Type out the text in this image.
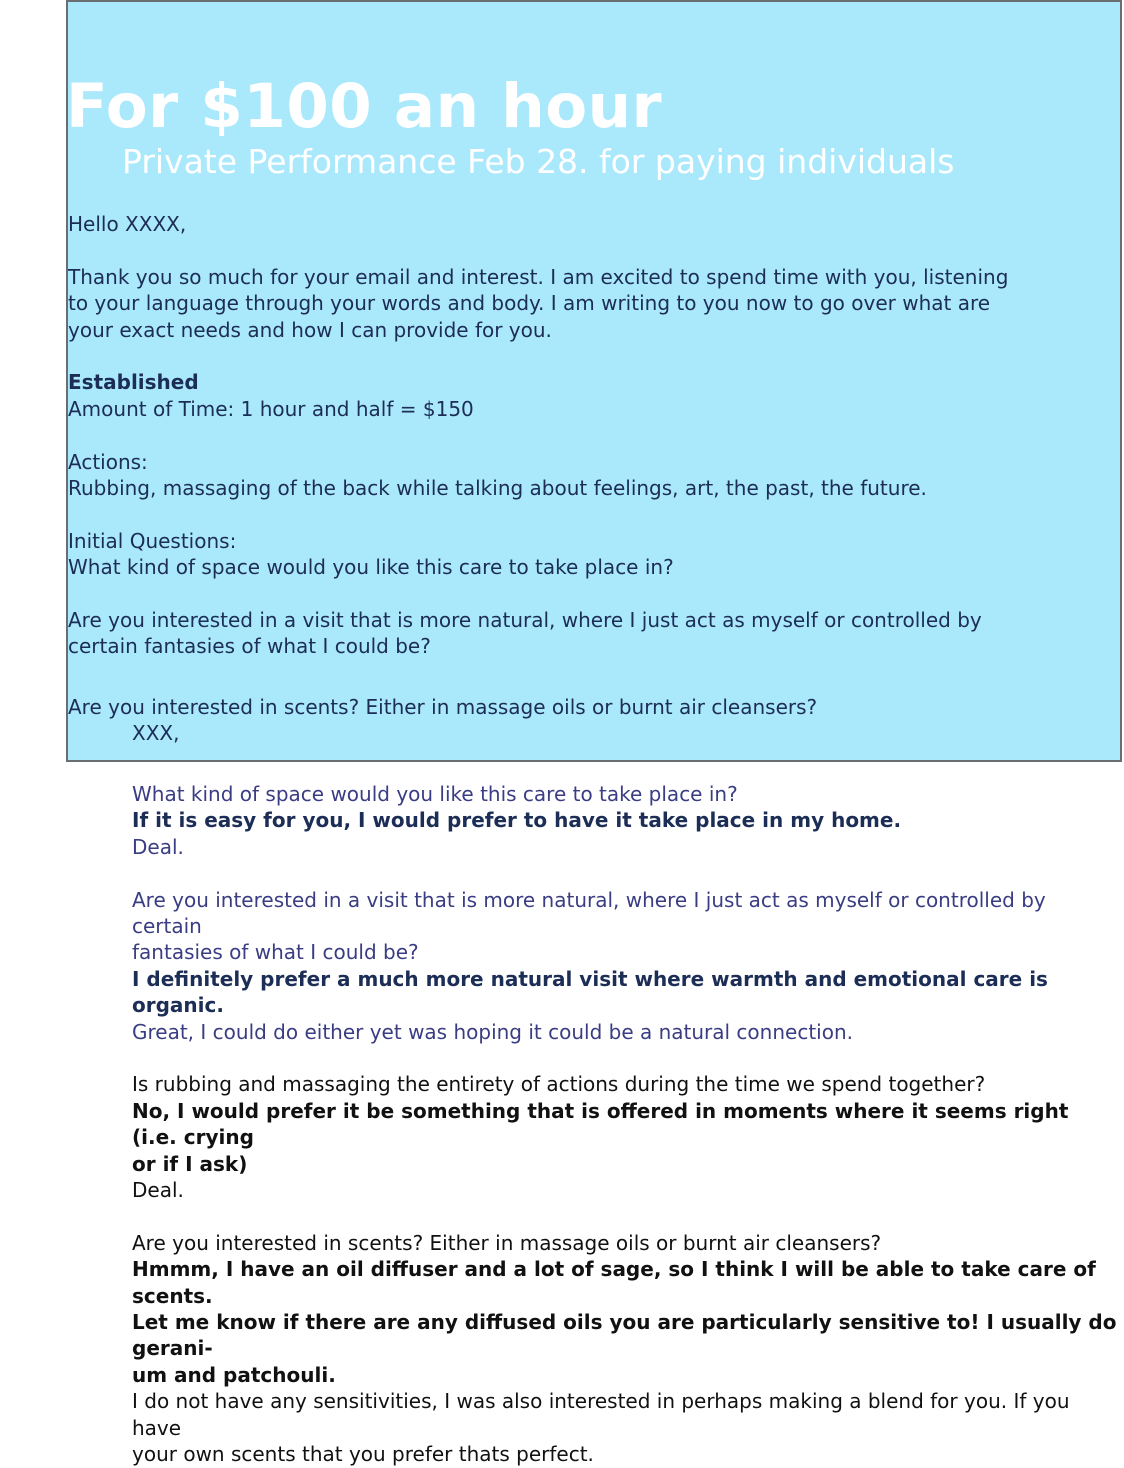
For $100 an hour
Private Performance Feb 28. for paying individuals

Hello XXXX,

Thank you so much for your email and interest. I am excited to spend time with you, listening

to your language through your words and body. I am writing to you now to go over what are

your exact needs and how I can provide for you.

Established

Amount of Time: 1 hour and half = $150

Actions:

Rubbing, massaging of the back while talking about feelings, art, the past, the future.

Initial Questions:

What kind of space would you like this care to take place in?

Are you interested in a visit that is more natural, where I just act as myself or controlled by

certain fantasies of what I could be?

Are you interested in scents? Either in massage oils or burnt air cleansers?

XXX,

What kind of space would you like this care to take place in?

If it is easy for you, I would prefer to have it take place in my home.

Deal.

Are you interested in a visit that is more natural, where I just act as myself or controlled by certain

fantasies of what I could be?

I definitely prefer a much more natural visit where warmth and emotional care is organic.

Great, I could do either yet was hoping it could be a natural connection.

Is rubbing and massaging the entirety of actions during the time we spend together?

No, I would prefer it be something that is offered in moments where it seems right (i.e. crying

or if I ask)

Deal.

Are you interested in scents? Either in massage oils or burnt air cleansers?

Hmmm, I have an oil diffuser and a lot of sage, so I think I will be able to take care of scents.

Let me know if there are any diffused oils you are particularly sensitive to! I usually do gerani-

um and patchouli.

I do not have any sensitivities, I was also interested in perhaps making a blend for you. If you have

your own scents that you prefer thats perfect.
